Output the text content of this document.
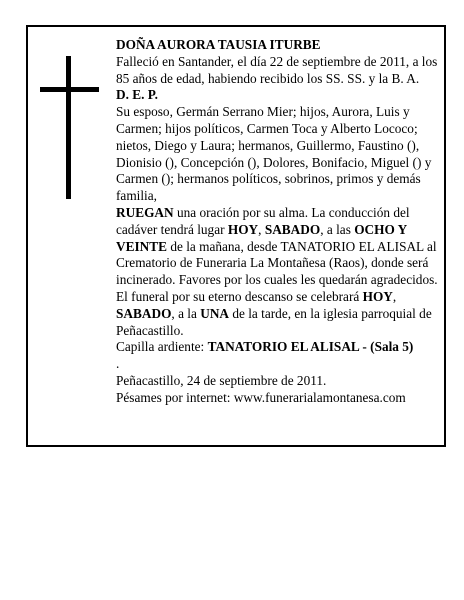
DOÑA AURORA TAUSIA ITURBE

Falleció en Santander, el día 22 de septiembre de 2011, a los 85 años de edad, habiendo recibido los SS. SS. y la B. A.

D. E. P.

Su esposo, Germán Serrano Mier; hijos, Aurora, Luis y Carmen; hijos políticos, Carmen Toca y Alberto Lococo; nietos, Diego y Laura; hermanos, Guillermo, Faustino (), Dionisio (), Concepción (), Dolores, Bonifacio, Miguel () y Carmen (); hermanos políticos, sobrinos, primos y demás familia,

RUEGAN una oración por su alma. La conducción del cadáver tendrá lugar HOY, SABADO, a las OCHO Y VEINTE de la mañana, desde TANATORIO EL ALISAL al Crematorio de Funeraria La Montañesa (Raos), donde será incinerado. Favores por los cuales les quedarán agradecidos. El funeral por su eterno descanso se celebrará HOY, SABADO, a la UNA de la tarde, en la iglesia parroquial de Peñacastillo.

Capilla ardiente: TANATORIO EL ALISAL - (Sala 5)

.

Peñacastillo, 24 de septiembre de 2011.

Pésames por internet: www.funerarialamontanesa.com
